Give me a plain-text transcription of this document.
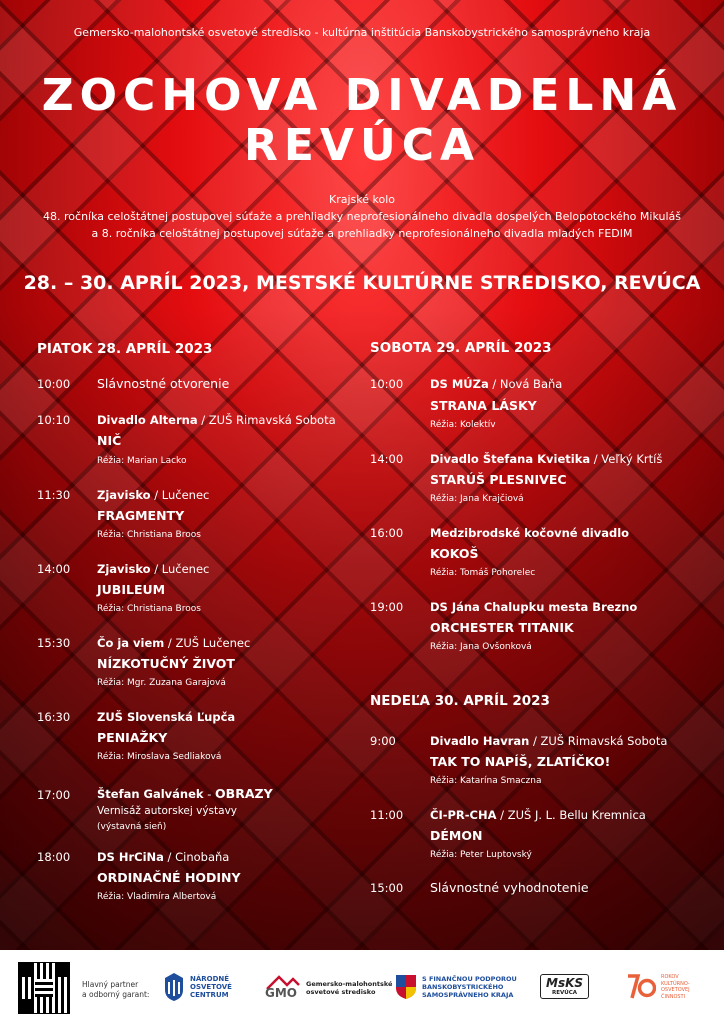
Gemersko-malohontské osvetové stredisko - kultúrna inštitúcia Banskobystrického samosprávneho kraja
ZOCHOVA DIVADELNÁ
REVÚCA
Krajské kolo
48. ročníka celoštátnej postupovej súťaže a prehliadky neprofesionálneho divadla dospelých Belopotockého Mikuláš
a 8. ročníka celoštátnej postupovej súťaže a prehliadky neprofesionálneho divadla mladých FEDIM
28. – 30. APRÍL 2023, MESTSKÉ KULTÚRNE STREDISKO, REVÚCA
PIATOK 28. APRÍL 2023
10:00 Slávnostné otvorenie
10:10 Divadlo Alterna / ZUŠ Rimavská Sobota
NIČ
Réžia: Marian Lacko
11:30 Zjavisko / Lučenec
FRAGMENTY
Réžia: Christiana Broos
14:00 Zjavisko / Lučenec
JUBILEUM
Réžia: Christiana Broos
15:30 Čo ja viem / ZUŠ Lučenec
NÍZKOTUČNÝ ŽIVOT
Réžia: Mgr. Zuzana Garajová
16:30 ZUŠ Slovenská Ľupča
PENIAŽKY
Réžia: Miroslava Sedliaková
17:00 Štefan Galvánek - OBRAZY
Vernisáž autorskej výstavy
(výstavná sieň)
18:00 DS HrCiNa / Cinobaňa
ORDINAČNÉ HODINY
Réžia: Vladimíra Albertová
SOBOTA 29. APRÍL 2023
10:00 DS MÚZa / Nová Baňa
STRANA LÁSKY
Réžia: Kolektív
14:00 Divadlo Štefana Kvietika / Veľký Krtíš
STARÚŠ PLESNIVEC
Réžia: Jana Krajčiová
16:00 Medzibrodské kočovné divadlo
KOKOŠ
Réžia: Tomáš Pohorelec
19:00 DS Jána Chalupku mesta Brezno
ORCHESTER TITANIK
Réžia: Jana Ovšonková
NEDEĽA 30. APRÍL 2023
9:00	Divadlo Havran / ZUŠ Rimavská Sobota
TAK TO NAPÍŠ, ZLATÍČKO!
Réžia: Katarína Smaczna
11:00 ČI-PR-CHA / ZUŠ J. L. Bellu Kremnica
DÉMON
Réžia: Peter Luptovský
15:00 Slávnostné vyhodnotenie
Hlavný partner
a odborný garant:
NÁRODNÉ
OSVETOVÉ
CENTRUM	GMO
Gemersko-malohontské
osvetové stredisko
S FINANČNOU PODPOROU
BANSKOBYSTRICKÉHO
SAMOSPRÁVNEHO KRAJA
MsKS
REVÚCA
ROKOV
KULTÚRNO-
OSVETOVEJ
ČINNOSTI
